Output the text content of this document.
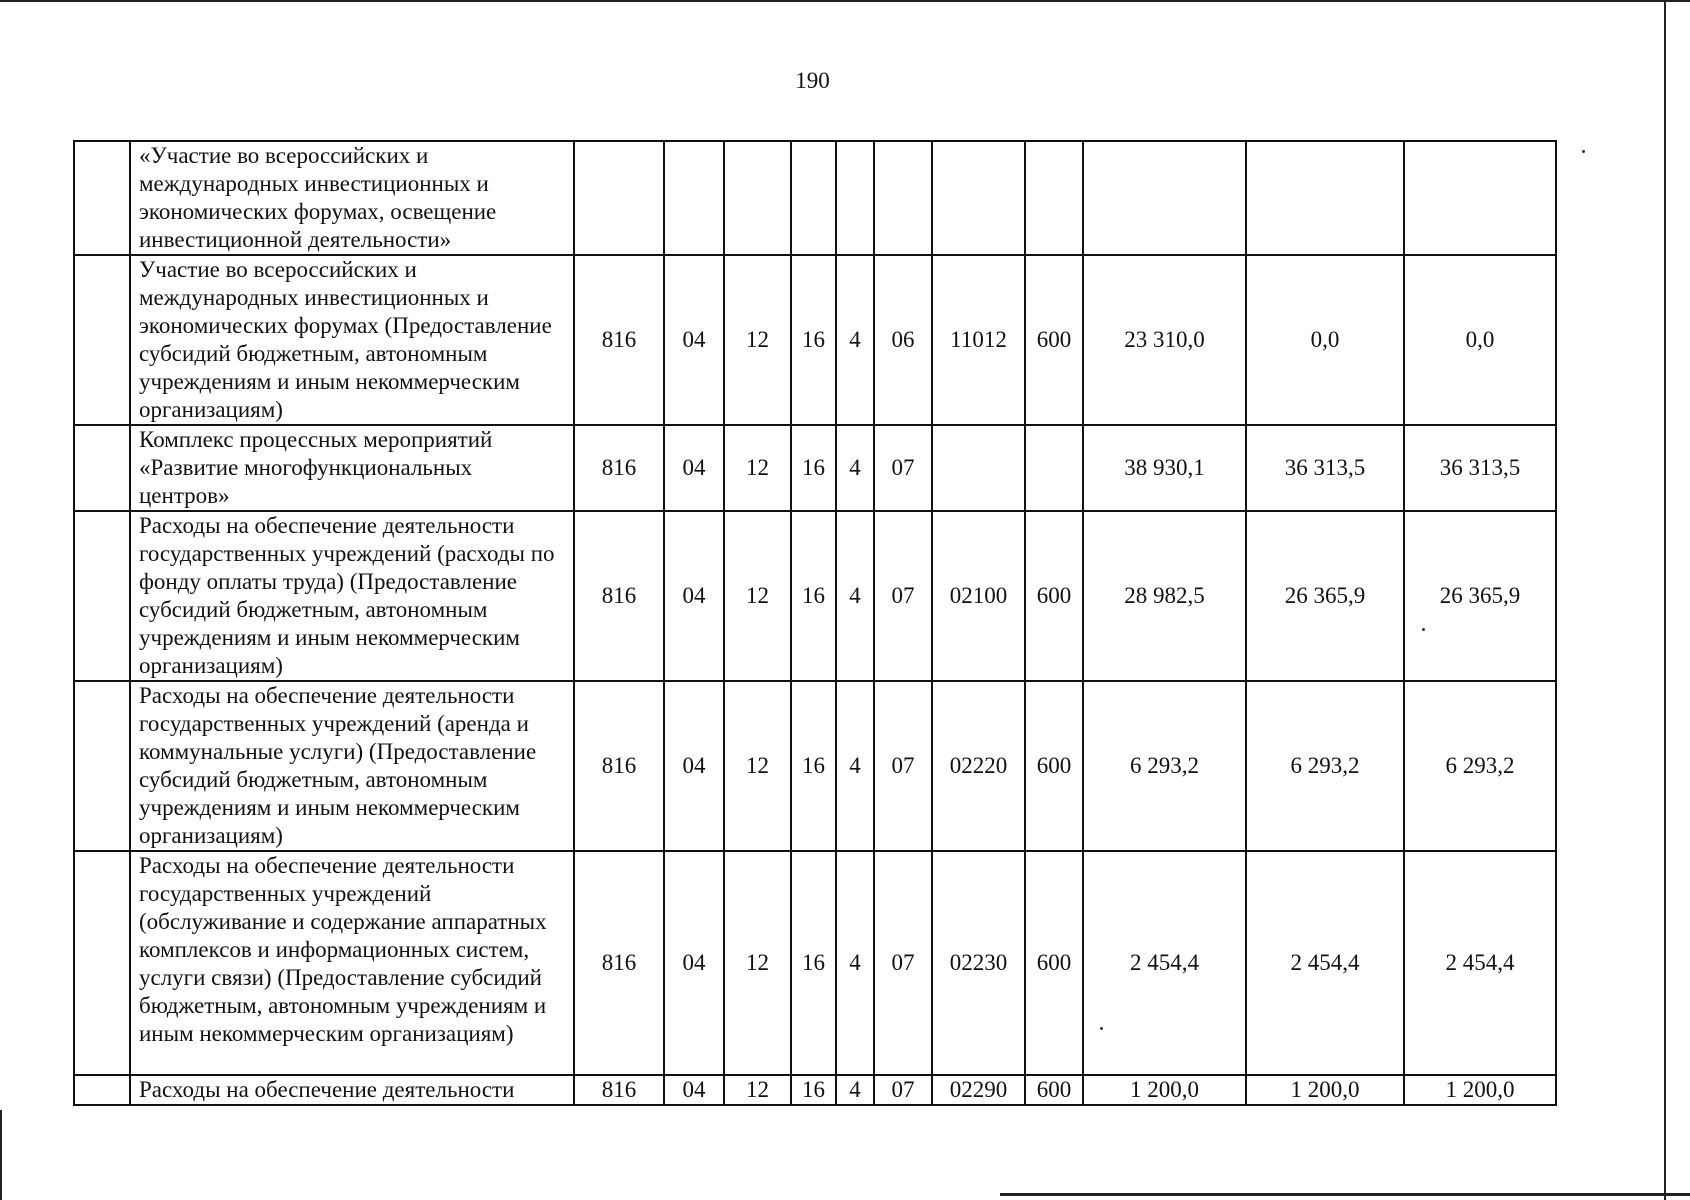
190
	«Участие во всероссийских и международных инвестиционных и экономических форумах, освещение инвестиционной деятельности»											
	Участие во всероссийских и международных инвестиционных и экономических форумах (Предоставление субсидий бюджетным, автономным учреждениям и иным некоммерческим организациям)	816	04	12	16	4	06	11012	600	23 310,0	0,0	0,0
	Комплекс процессных мероприятий «Развитие многофункциональных центров»	816	04	12	16	4	07			38 930,1	36 313,5	36 313,5
	Расходы на обеспечение деятельности государственных учреждений (расходы по фонду оплаты труда) (Предоставление субсидий бюджетным, автономным учреждениям и иным некоммерческим организациям)	816	04	12	16	4	07	02100	600	28 982,5	26 365,9	26 365,9
	Расходы на обеспечение деятельности государственных учреждений (аренда и коммунальные услуги) (Предоставление субсидий бюджетным, автономным учреждениям и иным некоммерческим организациям)	816	04	12	16	4	07	02220	600	6 293,2	6 293,2	6 293,2
	Расходы на обеспечение деятельности государственных учреждений (обслуживание и содержание аппаратных комплексов и информационных систем, услуги связи) (Предоставление субсидий бюджетным, автономным учреждениям и иным некоммерческим организациям)	816	04	12	16	4	07	02230	600	2 454,4	2 454,4	2 454,4
	Расходы на обеспечение деятельности	816	04	12	16	4	07	02290	600	1 200,0	1 200,0	1 200,0
